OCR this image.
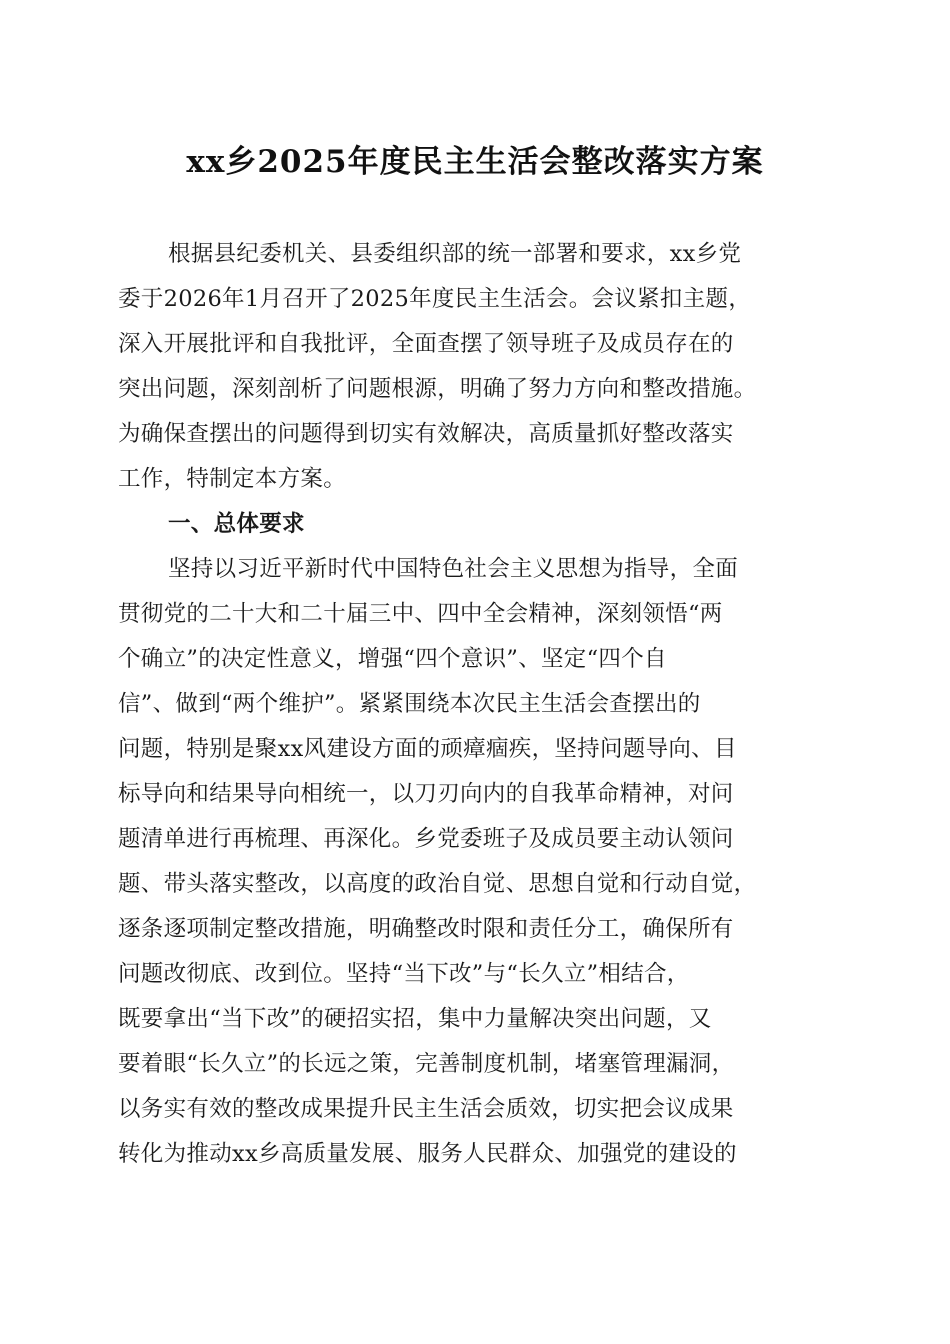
xx乡2025年度民主生活会整改落实方案
根据县纪委机关、县委组织部的统一部署和要求，xx乡党
委于2026年1月召开了2025年度民主生活会。会议紧扣主题，
深入开展批评和自我批评，全面查摆了领导班子及成员存在的
突出问题，深刻剖析了问题根源，明确了努力方向和整改措施。
为确保查摆出的问题得到切实有效解决，高质量抓好整改落实
工作，特制定本方案。
一、总体要求
坚持以习近平新时代中国特色社会主义思想为指导，全面
贯彻党的二十大和二十届三中、四中全会精神，深刻领悟“两
个确立”的决定性意义，增强“四个意识”、坚定“四个自
信”、做到“两个维护”。紧紧围绕本次民主生活会查摆出的
问题，特别是聚xx风建设方面的顽瘴痼疾，坚持问题导向、目
标导向和结果导向相统一，以刀刃向内的自我革命精神，对问
题清单进行再梳理、再深化。乡党委班子及成员要主动认领问
题、带头落实整改，以高度的政治自觉、思想自觉和行动自觉，
逐条逐项制定整改措施，明确整改时限和责任分工，确保所有
问题改彻底、改到位。坚持“当下改”与“长久立”相结合，
既要拿出“当下改”的硬招实招，集中力量解决突出问题，又
要着眼“长久立”的长远之策，完善制度机制，堵塞管理漏洞，
以务实有效的整改成果提升民主生活会质效，切实把会议成果
转化为推动xx乡高质量发展、服务人民群众、加强党的建设的
